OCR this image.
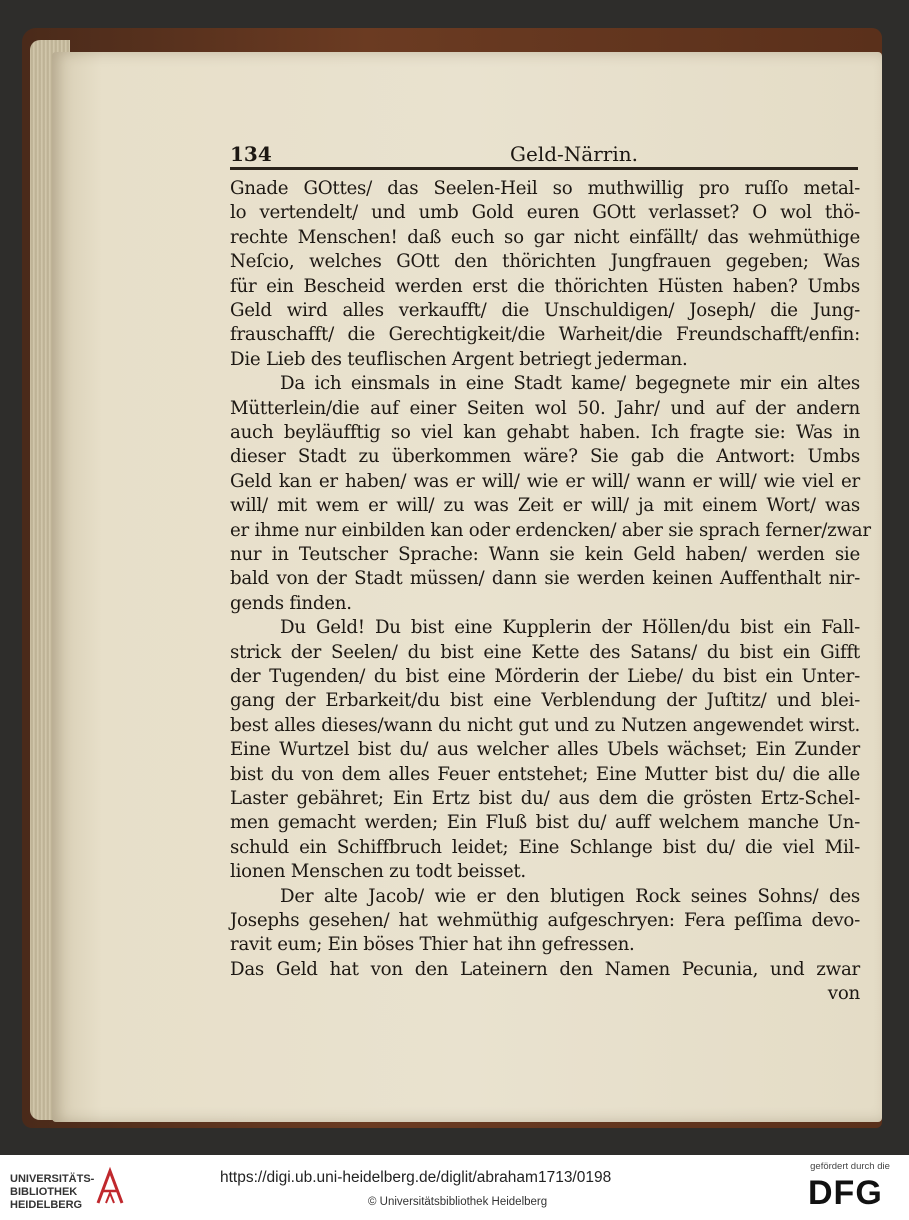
134	Geld-Närrin.
Gnade GOttes/ das Seelen-Heil so muthwillig pro ruſſo metal-
lo vertendelt/ und umb Gold euren GOtt verlasset? O wol thö-
rechte Menschen! daß euch so gar nicht einfällt/ das wehmüthige
Neſcio, welches GOtt den thörichten Jungfrauen gegeben; Was
für ein Bescheid werden erst die thörichten Hüsten haben? Umbs
Geld wird alles verkaufft/ die Unschuldigen/ Joseph/ die Jung-
frauschafft/ die Gerechtigkeit/die Warheit/die Freundschafft/enfin:
Die Lieb des teuflischen Argent betriegt jederman.
Da ich einsmals in eine Stadt kame/ begegnete mir ein altes
Mütterlein/die auf einer Seiten wol 50. Jahr/ und auf der andern
auch beyläufftig so viel kan gehabt haben. Ich fragte sie: Was in
dieser Stadt zu überkommen wäre? Sie gab die Antwort: Umbs
Geld kan er haben/ was er will/ wie er will/ wann er will/ wie viel er
will/ mit wem er will/ zu was Zeit er will/ ja mit einem Wort/ was
er ihme nur einbilden kan oder erdencken/ aber sie sprach ferner/zwar
nur in Teutscher Sprache: Wann sie kein Geld haben/ werden sie
bald von der Stadt müssen/ dann sie werden keinen Auffenthalt nir-
gends finden.
Du Geld! Du bist eine Kupplerin der Höllen/du bist ein Fall-
strick der Seelen/ du bist eine Kette des Satans/ du bist ein Gifft
der Tugenden/ du bist eine Mörderin der Liebe/ du bist ein Unter-
gang der Erbarkeit/du bist eine Verblendung der Juſtitz/ und blei-
best alles dieses/wann du nicht gut und zu Nutzen angewendet wirst.
Eine Wurtzel bist du/ aus welcher alles Ubels wächset; Ein Zunder
bist du von dem alles Feuer entstehet; Eine Mutter bist du/ die alle
Laster gebähret; Ein Ertz bist du/ aus dem die grösten Ertz-Schel-
men gemacht werden; Ein Fluß bist du/ auff welchem manche Un-
schuld ein Schiffbruch leidet; Eine Schlange bist du/ die viel Mil-
lionen Menschen zu todt beisset.
Der alte Jacob/ wie er den blutigen Rock seines Sohns/ des
Josephs gesehen/ hat wehmüthig aufgeschryen: Fera peſſima devo-
ravit eum; Ein böses Thier hat ihn gefressen.
Das Geld hat von den Lateinern den Namen Pecunia, und zwar
von
UNIVERSITÄTS-
BIBLIOTHEK
HEIDELBERG
https://digi.ub.uni-heidelberg.de/diglit/abraham1713/0198
© Universitätsbibliothek Heidelberg
gefördert durch die
DFG
